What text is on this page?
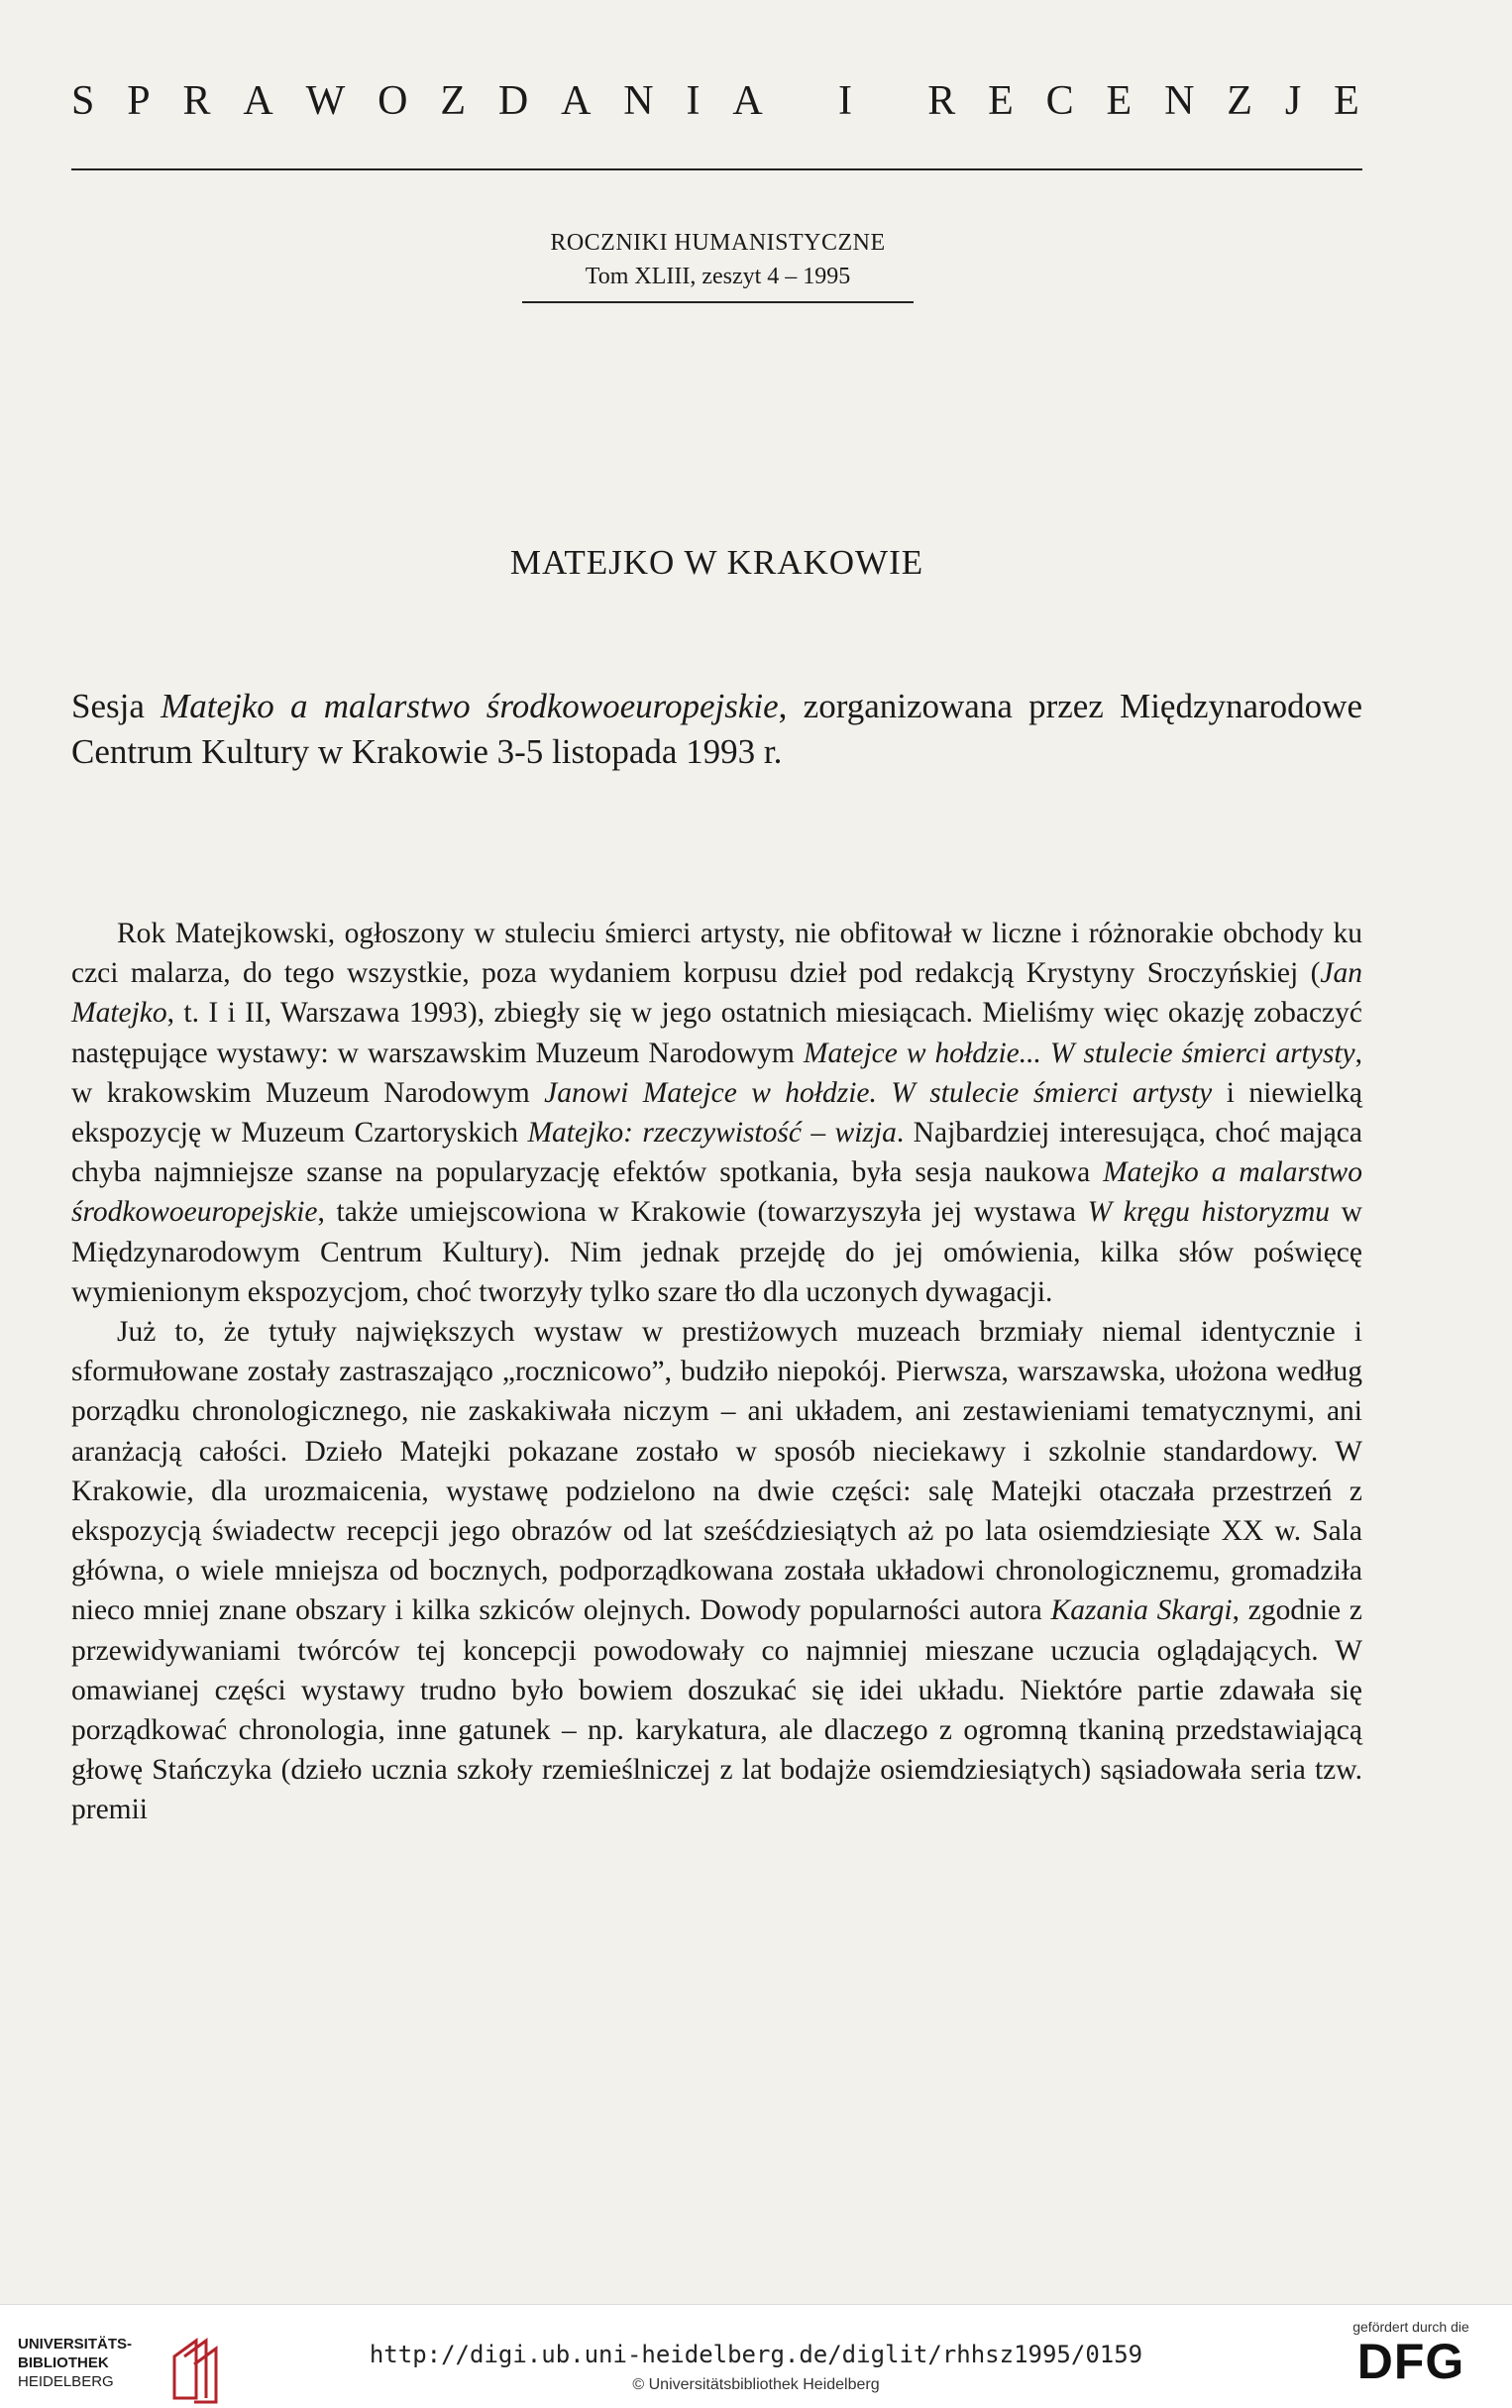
S P R A W O Z D A N I A
I
R E C E N Z J E
ROCZNIKI HUMANISTYCZNE
Tom XLIII, zeszyt 4 – 1995
MATEJKO W KRAKOWIE
Sesja Matejko a malarstwo środkowoeuropejskie, zorganizowana przez Międzynarodowe Centrum Kultury w Krakowie 3-5 listopada 1993 r.

Rok Matejkowski, ogłoszony w stuleciu śmierci artysty, nie obfitował w liczne i różnorakie obchody ku czci malarza, do tego wszystkie, poza wydaniem korpusu dzieł pod redakcją Krystyny Sroczyńskiej (Jan Matejko, t. I i II, Warszawa 1993), zbiegły się w jego ostatnich miesiącach. Mieliśmy więc okazję zobaczyć następujące wystawy: w warszawskim Muzeum Narodowym Matejce w hołdzie... W stulecie śmierci artysty, w krakowskim Muzeum Narodowym Janowi Matejce w hołdzie. W stulecie śmierci artysty i niewielką ekspozycję w Muzeum Czartoryskich Matejko: rzeczywistość – wizja. Najbardziej interesująca, choć mająca chyba najmniejsze szanse na popularyzację efektów spotkania, była sesja naukowa Matejko a malarstwo środkowoeuropejskie, także umiejscowiona w Krakowie (towarzyszyła jej wystawa W kręgu historyzmu w Międzynarodowym Centrum Kultury). Nim jednak przejdę do jej omówienia, kilka słów poświęcę wymienionym ekspozycjom, choć tworzyły tylko szare tło dla uczonych dywagacji.

Już to, że tytuły największych wystaw w prestiżowych muzeach brzmiały niemal identycznie i sformułowane zostały zastraszająco „rocznicowo”, budziło niepokój. Pierwsza, warszawska, ułożona według porządku chronologicznego, nie zaskakiwała niczym – ani układem, ani zestawieniami tematycznymi, ani aranżacją całości. Dzieło Matejki pokazane zostało w sposób nieciekawy i szkolnie standardowy. W Krakowie, dla urozmaicenia, wystawę podzielono na dwie części: salę Matejki otaczała przestrzeń z ekspozycją świadectw recepcji jego obrazów od lat sześćdziesiątych aż po lata osiemdziesiąte XX w. Sala główna, o wiele mniejsza od bocznych, podporządkowana została układowi chronologicznemu, gromadziła nieco mniej znane obszary i kilka szkiców olejnych. Dowody popularności autora Kazania Skargi, zgodnie z przewidywaniami twórców tej koncepcji powodowały co najmniej mieszane uczucia oglądających. W omawianej części wystawy trudno było bowiem doszukać się idei układu. Niektóre partie zdawała się porządkować chronologia, inne gatunek – np. karykatura, ale dlaczego z ogromną tkaniną przedstawiającą głowę Stańczyka (dzieło ucznia szkoły rzemieślniczej z lat bodajże osiemdziesiątych) sąsiadowała seria tzw. premii

UNIVERSITÄTS-
BIBLIOTHEK
HEIDELBERG
http://digi.ub.uni-heidelberg.de/diglit/rhhsz1995/0159
© Universitätsbibliothek Heidelberg
gefördert durch die
DFG
